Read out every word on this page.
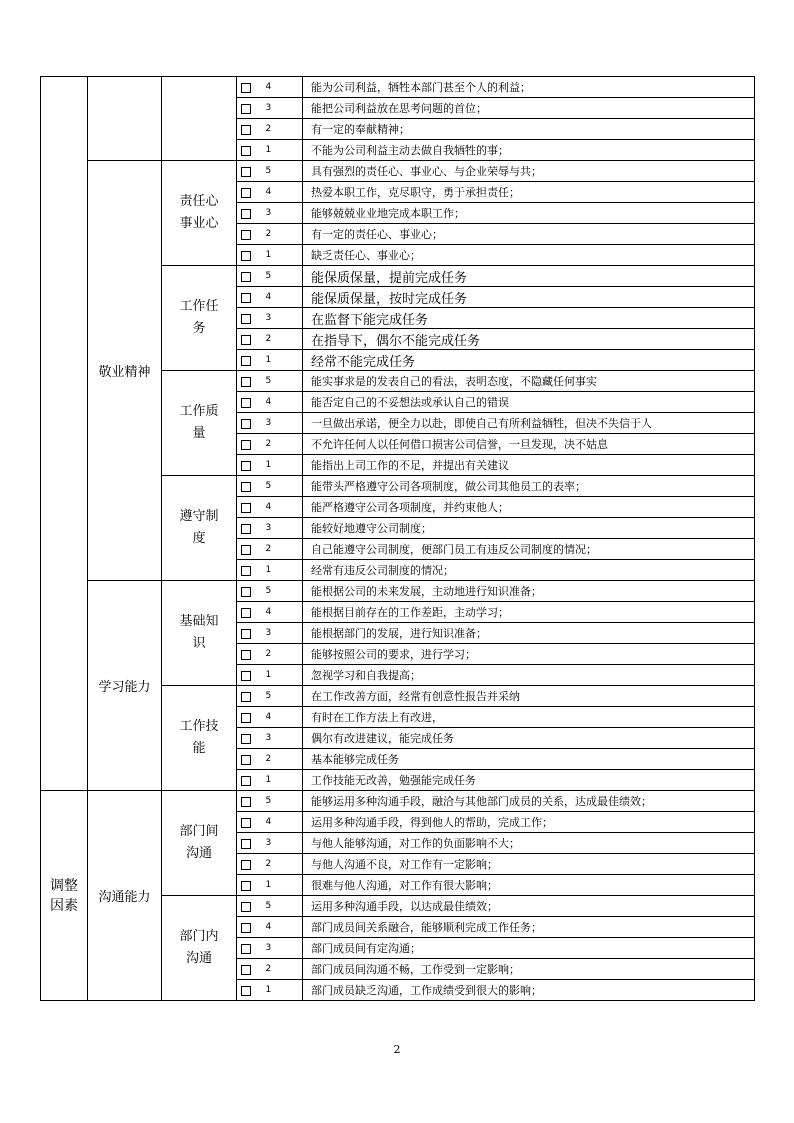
				4	能为公司利益，牺牲本部门甚至个人的利益；
				3	能把公司利益放在思考问题的首位；
				2	有一定的奉献精神；
				1	不能为公司利益主动去做自我牺牲的事；
	敬业精神	责任心事业心		5	具有强烈的责任心、事业心、与企业荣辱与共；
				4	热爱本职工作，克尽职守，勇于承担责任；
				3	能够兢兢业业地完成本职工作；
				2	有一定的责任心、事业心；
				1	缺乏责任心、事业心；
		工作任务		5	能保质保量，提前完成任务
				4	能保质保量，按时完成任务
				3	在监督下能完成任务
				2	在指导下，偶尔不能完成任务
				1	经常不能完成任务
		工作质量		5	能实事求是的发表自己的看法，表明态度，不隐藏任何事实
				4	能否定自己的不妥想法或承认自己的错误
				3	一旦做出承诺，便全力以赴，即使自己有所利益牺牲，但决不失信于人
				2	不允许任何人以任何借口损害公司信誉，一旦发现，决不姑息
				1	能指出上司工作的不足，并提出有关建议
		遵守制度		5	能带头严格遵守公司各项制度，做公司其他员工的表率；
				4	能严格遵守公司各项制度，并约束他人；
				3	能较好地遵守公司制度；
				2	自己能遵守公司制度，便部门员工有违反公司制度的情况；
				1	经常有违反公司制度的情况；
	学习能力	基础知识		5	能根据公司的未来发展，主动地进行知识准备；
				4	能根据目前存在的工作差距，主动学习；
				3	能根据部门的发展，进行知识准备；
				2	能够按照公司的要求，进行学习；
				1	忽视学习和自我提高；
		工作技能		5	在工作改善方面，经常有创意性报告并采纳
				4	有时在工作方法上有改进，
				3	偶尔有改进建议，能完成任务
				2	基本能够完成任务
				1	工作技能无改善，勉强能完成任务
调整因素	沟通能力	部门间沟通		5	能够运用多种沟通手段，融洽与其他部门成员的关系，达成最佳绩效；
				4	运用多种沟通手段，得到他人的帮助，完成工作；
				3	与他人能够沟通，对工作的负面影响不大；
				2	与他人沟通不良，对工作有一定影响；
				1	很难与他人沟通，对工作有很大影响；
		部门内沟通		5	运用多种沟通手段，以达成最佳绩效；
				4	部门成员间关系融合，能够顺利完成工作任务；
				3	部门成员间有定沟通；
				2	部门成员间沟通不畅，工作受到一定影响；
				1	部门成员缺乏沟通，工作成绩受到很大的影响；
2
